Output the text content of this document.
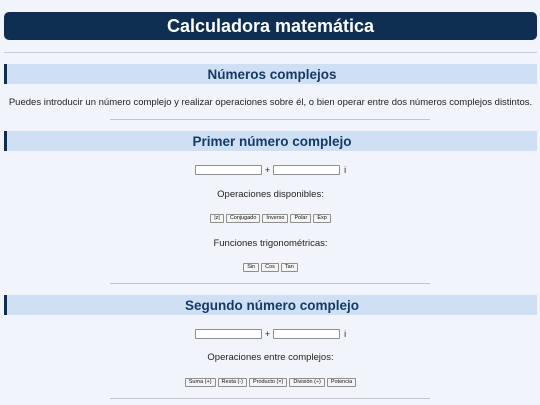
Calculadora matemática
Números complejos
Puedes introducir un número complejo y realizar operaciones sobre él, o bien operar entre dos números complejos distintos.
Primer número complejo
+	i
Operaciones disponibles:
|z|	Conjugado	Inverso	Polar	Exp
Funciones trigonométricas:
Sin	Cos	Tan
Segundo número complejo
+	i
Operaciones entre complejos:
Suma (+)	Resta (-)	Producto (×)	División (÷)	Potencia
